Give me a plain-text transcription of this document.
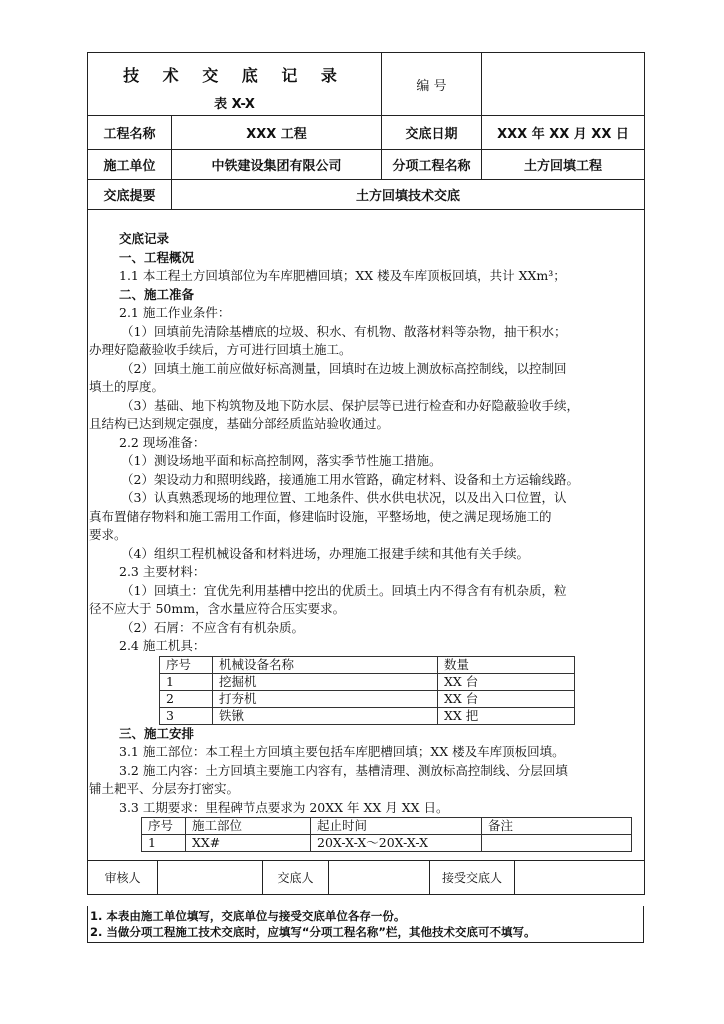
技 术 交 底 记 录
表 X-X
	编 号	
工程名称	XXX 工程	交底日期	XXX 年 XX 月 XX 日
施工单位	中铁建设集团有限公司	分项工程名称	土方回填工程
交底提要	土方回填技术交底

交底记录

一、工程概况

1.1 本工程土方回填部位为车库肥槽回填；XX 楼及车库顶板回填，共计 XXm³；

二、施工准备

2.1 施工作业条件：

（1）回填前先清除基槽底的垃圾、积水、有机物、散落材料等杂物，抽干积水；

办理好隐蔽验收手续后，方可进行回填土施工。

（2）回填土施工前应做好标高测量，回填时在边坡上测放标高控制线，以控制回

填土的厚度。

（3）基础、地下构筑物及地下防水层、保护层等已进行检查和办好隐蔽验收手续，

且结构已达到规定强度，基础分部经质监站验收通过。

2.2 现场准备：

（1）测设场地平面和标高控制网，落实季节性施工措施。

（2）架设动力和照明线路，接通施工用水管路，确定材料、设备和土方运输线路。

（3）认真熟悉现场的地理位置、工地条件、供水供电状况，以及出入口位置，认

真布置储存物料和施工需用工作面，修建临时设施，平整场地，使之满足现场施工的

要求。

（4）组织工程机械设备和材料进场，办理施工报建手续和其他有关手续。

2.3 主要材料：

（1）回填土：宜优先利用基槽中挖出的优质土。回填土内不得含有有机杂质，粒

径不应大于 50mm，含水量应符合压实要求。

（2）石屑：不应含有有机杂质。

2.4 施工机具：

序号	机械设备名称	数量
1	挖掘机	XX 台
2	打夯机	XX 台
3	铁锹	XX 把

三、施工安排

3.1 施工部位：本工程土方回填主要包括车库肥槽回填；XX 楼及车库顶板回填。

3.2 施工内容：土方回填主要施工内容有，基槽清理、测放标高控制线、分层回填

铺土耙平、分层夯打密实。

3.3 工期要求：里程碑节点要求为 20XX 年 XX 月 XX 日。

序号	施工部位	起止时间	备注
1	XX#	20X-X-X～20X-X-X	
审核人		交底人		接受交底人	
1. 本表由施工单位填写，交底单位与接受交底单位各存一份。
2. 当做分项工程施工技术交底时，应填写“分项工程名称”栏，其他技术交底可不填写。
